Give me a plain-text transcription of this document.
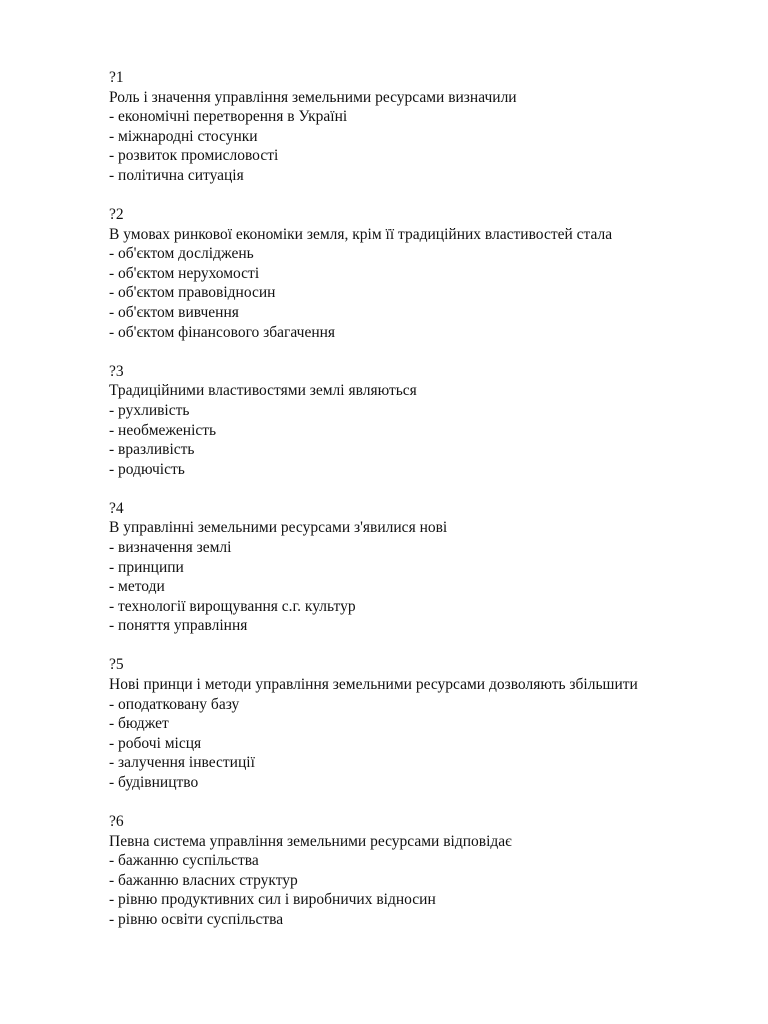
?1
Роль і значення управління земельними ресурсами визначили
- економічні перетворення в Україні
- міжнародні стосунки
- розвиток промисловості
- політична ситуація
?2
В умовах ринкової економіки земля, крім її традиційних властивостей стала
- об'єктом досліджень
- об'єктом нерухомості
- об'єктом правовідносин
- об'єктом вивчення
- об'єктом фінансового збагачення
?3
Традиційними властивостями землі являються
- рухливість
- необмеженість
- вразливість
- родючість
?4
В управлінні земельними ресурсами з'явилися нові
- визначення землі
- принципи
- методи
- технології вирощування с.г. культур
- поняття управління
?5
Нові принци і методи управління земельними ресурсами дозволяють збільшити
- оподатковану базу
- бюджет
- робочі місця
- залучення інвестиції
- будівництво
?6
Певна система управління земельними ресурсами відповідає
- бажанню суспільства
- бажанню власних структур
- рівню продуктивних сил і виробничих відносин
- рівню освіти суспільства
